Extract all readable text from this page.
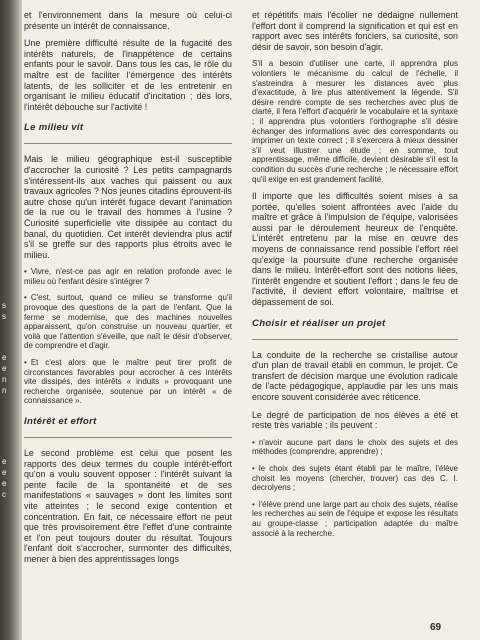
s
s
e
e
n
n
e
e
e
c

et l'environnement dans la mesure où celui-ci présente un intérêt de connaissance.

Une première difficulté résulte de la fugacité des intérêts naturels, de l'inappétence de certains enfants pour le savoir. Dans tous les cas, le rôle du maître est de faciliter l'émergence des intérêts latents, de les solliciter et de les entretenir en organisant le milieu éducatif d'incitation ; dès lors, l'intérêt débouche sur l'activité !

Le milieu vit

Mais le milieu géographique est-il susceptible d'accrocher la curiosité ? Les petits campagnards s'intéressent-ils aux vaches qui paissent ou aux travaux agricoles ? Nos jeunes citadins éprouvent-ils autre chose qu'un intérêt fugace devant l'animation de la rue ou le travail des hommes à l'usine ? Curiosité superficielle vite dissipée au contact du banal, du quotidien. Cet intérêt deviendra plus actif s'il se greffe sur des rapports plus étroits avec le milieu.

• Vivre, n'est-ce pas agir en relation profonde avec le milieu où l'enfant désire s'intégrer ?
• C'est, surtout, quand ce milieu se transforme qu'il provoque des questions de la part de l'enfant. Que la ferme se modernise, que des machines nouvelles apparaissent, qu'on construise un nouveau quartier, et voilà que l'attention s'éveille, que naît le désir d'observer, de comprendre et d'agir.
• Et c'est alors que le maître peut tirer profit de circonstances favorables pour accrocher à ces intérêts vite dissipés, des intérêts « induits » provoquant une recherche organisée, soutenue par un intérêt « de connaissance ».
Intérêt et effort

Le second problème est celui que posent les rapports des deux termes du couple intérêt-effort qu'on a voulu souvent opposer : l'intérêt suivant la pente facile de la spontanéité et de ses manifestations « sauvages » dont les limites sont vite atteintes ; le second exige contention et concentration. En fait, ce nécessaire effort ne peut que très provisoirement être l'effet d'une contrainte et l'on peut toujours douter du résultat. Toujours l'enfant doit s'accrocher, surmonter des difficultés, mener à bien des apprentissages longs

et répétitifs mais l'écolier ne dédaigne nullement l'effort dont il comprend la signification et qui est en rapport avec ses intérêts fonciers, sa curiosité, son désir de savoir, son besoin d'agir.

S'il a besoin d'utiliser une carte, il apprendra plus volontiers le mécanisme du calcul de l'échelle, il s'astreindra à mesurer les distances avec plus d'exactitude, à lire plus attentivement la légende. S'il désire rendre compte de ses recherches avec plus de clarté, il fera l'effort d'acquérir le vocabulaire et la syntaxe ; il apprendra plus volontiers l'orthographe s'il désire échanger des informations avec des correspondants ou imprimer un texte correct ; il s'exercera à mieux dessiner s'il veut illustrer une étude ; en somme, tout apprentissage, même difficile, devient désirable s'il est la condition du succès d'une recherche ; le nécessaire effort qu'il exige en est grandement facilité.

Il importe que les difficultés soient mises à sa portée, qu'elles soient affrontées avec l'aide du maître et grâce à l'impulsion de l'équipe, valorisées aussi par le déroulement heureux de l'enquête. L'intérêt entretenu par la mise en œuvre des moyens de connaissance rend possible l'effort réel qu'exige la poursuite d'une recherche organisée dans le milieu. Intérêt-effort sont des notions liées, l'intérêt engendre et soutient l'effort ; dans le feu de l'activité, il devient effort volontaire, maîtrise et dépassement de soi.

Choisir et réaliser un projet

La conduite de la recherche se cristallise autour d'un plan de travail établi en commun, le projet. Ce transfert de décision marque une évolution radicale de l'acte pédagogique, applaudie par les uns mais encore souvent considérée avec réticence.

Le degré de participation de nos élèves a été et reste très variable ; ils peuvent :

• n'avoir aucune part dans le choix des sujets et des méthodes (comprendre, apprendre) ;
• le choix des sujets étant établi par le maître, l'élève choisit les moyens (chercher, trouver) cas des C. I. decrolyens ;
• l'élève prend une large part au choix des sujets, réalise les recherches au sein de l'équipe et expose les résultats au groupe-classe ; participation adaptée du maître associé à la recherche.
69
